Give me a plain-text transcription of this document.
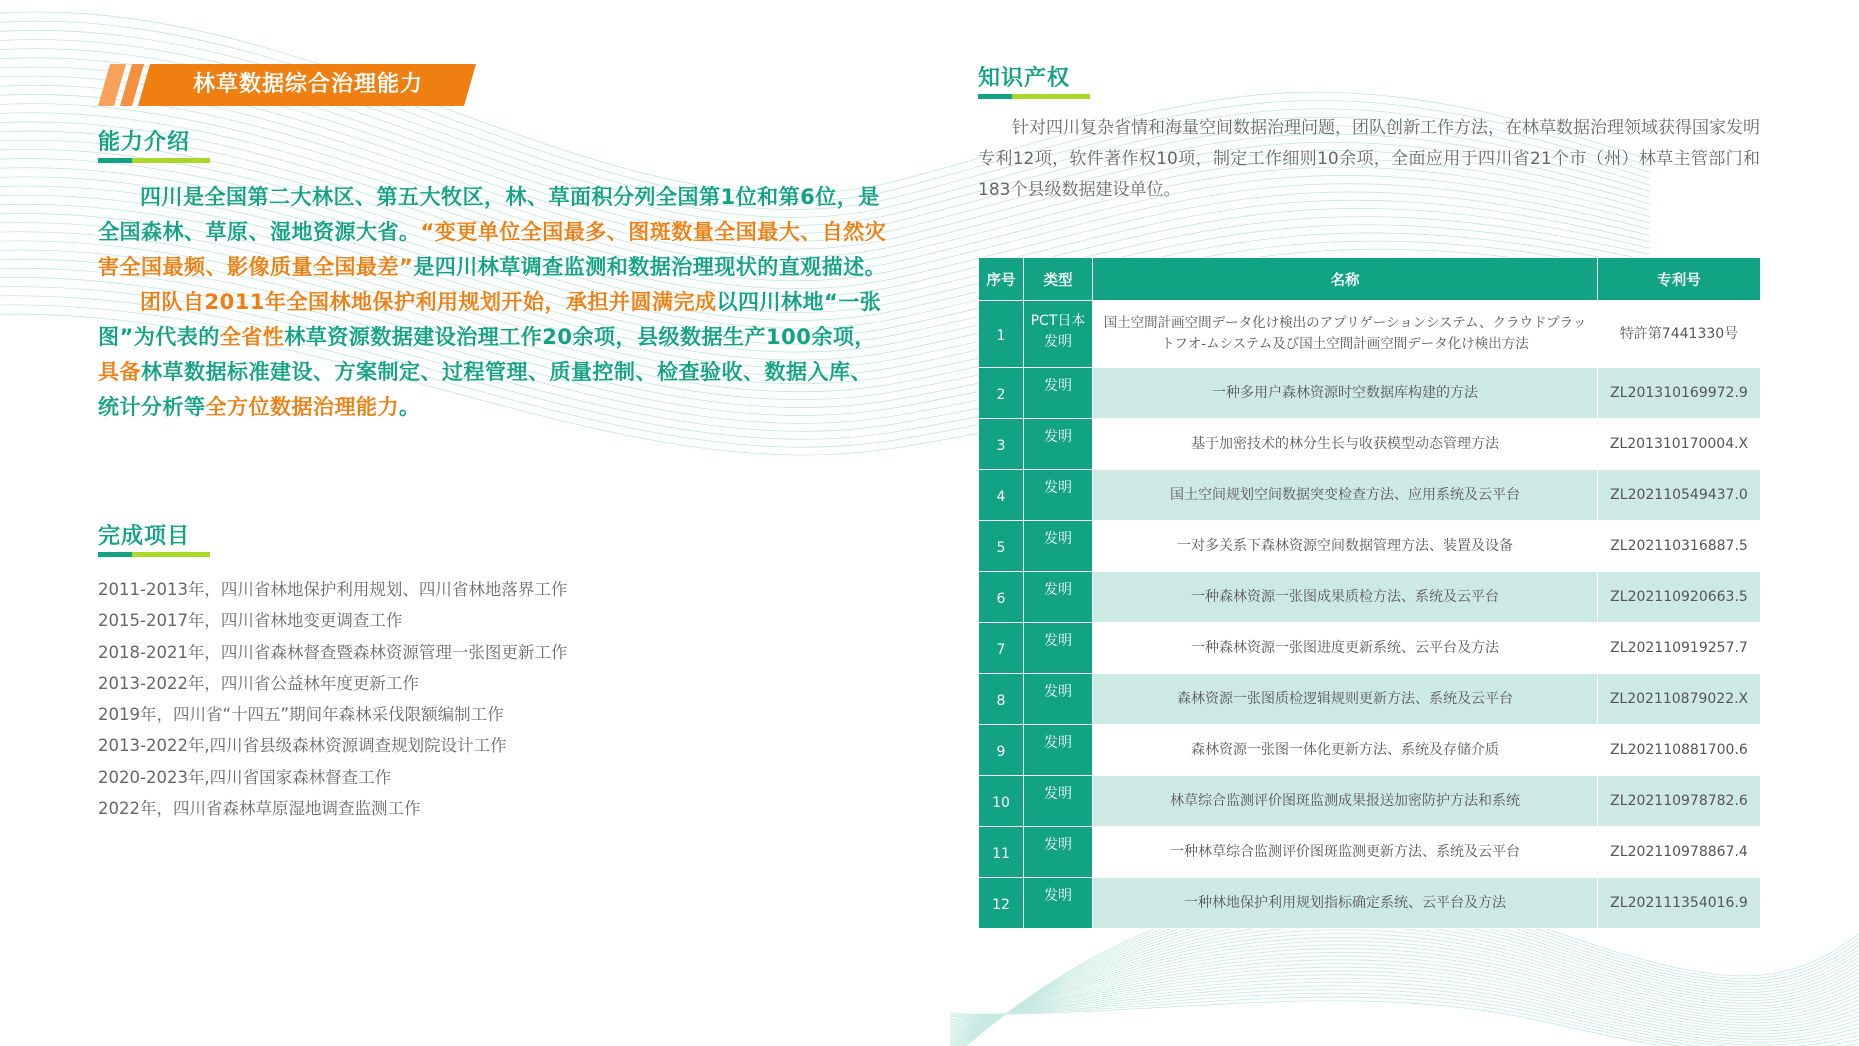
林草数据综合治理能力
能力介绍

四川是全国第二大林区、第五大牧区，林、草面积分列全国第1位和第6位，是全国森林、草原、湿地资源大省。“变更单位全国最多、图斑数量全国最大、自然灾害全国最频、影像质量全国最差”是四川林草调查监测和数据治理现状的直观描述。

团队自2011年全国林地保护利用规划开始，承担并圆满完成以四川林地“一张图”为代表的全省性林草资源数据建设治理工作20余项，县级数据生产100余项，具备林草数据标准建设、方案制定、过程管理、质量控制、检查验收、数据入库、统计分析等全方位数据治理能力。

完成项目
2011-2013年，四川省林地保护利用规划、四川省林地落界工作
2015-2017年，四川省林地变更调查工作
2018-2021年，四川省森林督查暨森林资源管理一张图更新工作
2013-2022年，四川省公益林年度更新工作
2019年，四川省“十四五”期间年森林采伐限额编制工作
2013-2022年,四川省县级森林资源调查规划院设计工作
2020-2023年,四川省国家森林督查工作
2022年，四川省森林草原湿地调查监测工作
知识产权
针对四川复杂省情和海量空间数据治理问题，团队创新工作方法，在林草数据治理领域获得国家发明专利12项，软件著作权10项，制定工作细则10余项，全面应用于四川省21个市（州）林草主管部门和183个县级数据建设单位。
序号	类型	名称	专利号
1	PCT日本发明	国土空間計画空間データ化け検出のアプリゲーションシステム、クラウドプラットフオ-ムシステム及び国土空間計画空間データ化け検出方法	特許第7441330号
2	发明	一种多用户森林资源时空数据库构建的方法	ZL201310169972.9
3	发明	基于加密技术的林分生长与收获模型动态管理方法	ZL201310170004.X
4	发明	国土空间规划空间数据突变检查方法、应用系统及云平台	ZL202110549437.0
5	发明	一对多关系下森林资源空间数据管理方法、装置及设备	ZL202110316887.5
6	发明	一种森林资源一张图成果质检方法、系统及云平台	ZL202110920663.5
7	发明	一种森林资源一张图进度更新系统、云平台及方法	ZL202110919257.7
8	发明	森林资源一张图质检逻辑规则更新方法、系统及云平台	ZL202110879022.X
9	发明	森林资源一张图一体化更新方法、系统及存储介质	ZL202110881700.6
10	发明	林草综合监测评价图斑监测成果报送加密防护方法和系统	ZL202110978782.6
11	发明	一种林草综合监测评价图斑监测更新方法、系统及云平台	ZL202110978867.4
12	发明	一种林地保护利用规划指标确定系统、云平台及方法	ZL202111354016.9
